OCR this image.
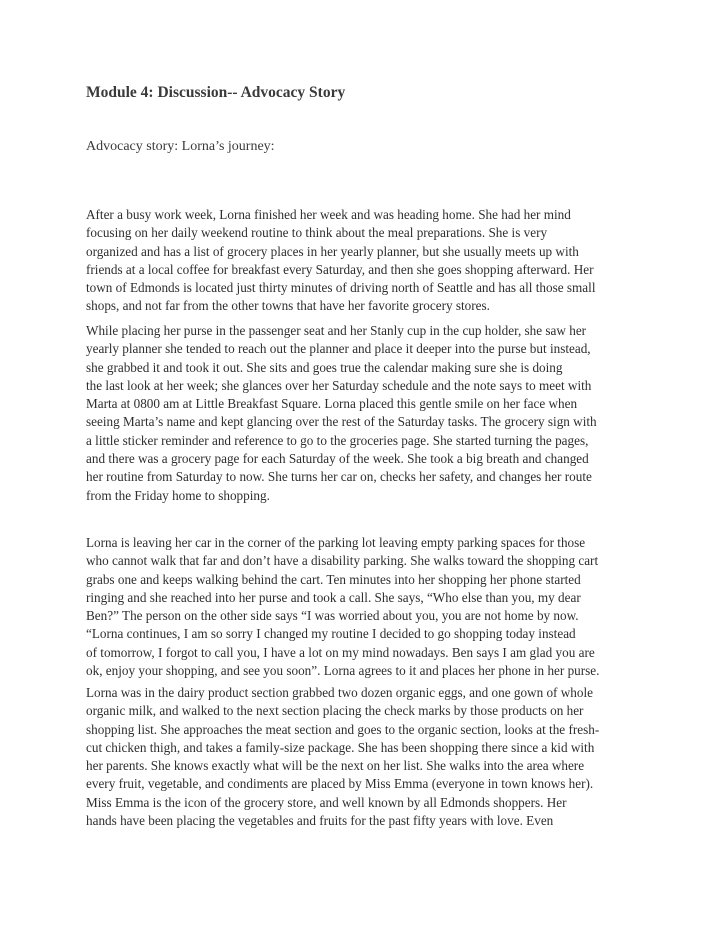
Module 4: Discussion-- Advocacy Story

Advocacy story: Lorna’s journey:

After a busy work week, Lorna finished her week and was heading home. She had her mind
focusing on her daily weekend routine to think about the meal preparations. She is very
organized and has a list of grocery places in her yearly planner, but she usually meets up with
friends at a local coffee for breakfast every Saturday, and then she goes shopping afterward. Her
town of Edmonds is located just thirty minutes of driving north of Seattle and has all those small
shops, and not far from the other towns that have her favorite grocery stores.

While placing her purse in the passenger seat and her Stanly cup in the cup holder, she saw her
yearly planner she tended to reach out the planner and place it deeper into the purse but instead,
she grabbed it and took it out. She sits and goes true the calendar making sure she is doing
the last look at her week; she glances over her Saturday schedule and the note says to meet with
Marta at 0800 am at Little Breakfast Square. Lorna placed this gentle smile on her face when
seeing Marta’s name and kept glancing over the rest of the Saturday tasks. The grocery sign with
a little sticker reminder and reference to go to the groceries page. She started turning the pages,
and there was a grocery page for each Saturday of the week. She took a big breath and changed
her routine from Saturday to now. She turns her car on, checks her safety, and changes her route
from the Friday home to shopping.

Lorna is leaving her car in the corner of the parking lot leaving empty parking spaces for those
who cannot walk that far and don’t have a disability parking. She walks toward the shopping cart
grabs one and keeps walking behind the cart. Ten minutes into her shopping her phone started
ringing and she reached into her purse and took a call. She says, “Who else than you, my dear
Ben?” The person on the other side says “I was worried about you, you are not home by now.
“Lorna continues, I am so sorry I changed my routine I decided to go shopping today instead
of tomorrow, I forgot to call you, I have a lot on my mind nowadays. Ben says I am glad you are
ok, enjoy your shopping, and see you soon”. Lorna agrees to it and places her phone in her purse.

Lorna was in the dairy product section grabbed two dozen organic eggs, and one gown of whole
organic milk, and walked to the next section placing the check marks by those products on her
shopping list. She approaches the meat section and goes to the organic section, looks at the fresh-
cut chicken thigh, and takes a family-size package. She has been shopping there since a kid with
her parents. She knows exactly what will be the next on her list. She walks into the area where
every fruit, vegetable, and condiments are placed by Miss Emma (everyone in town knows her).
Miss Emma is the icon of the grocery store, and well known by all Edmonds shoppers. Her
hands have been placing the vegetables and fruits for the past fifty years with love. Even
